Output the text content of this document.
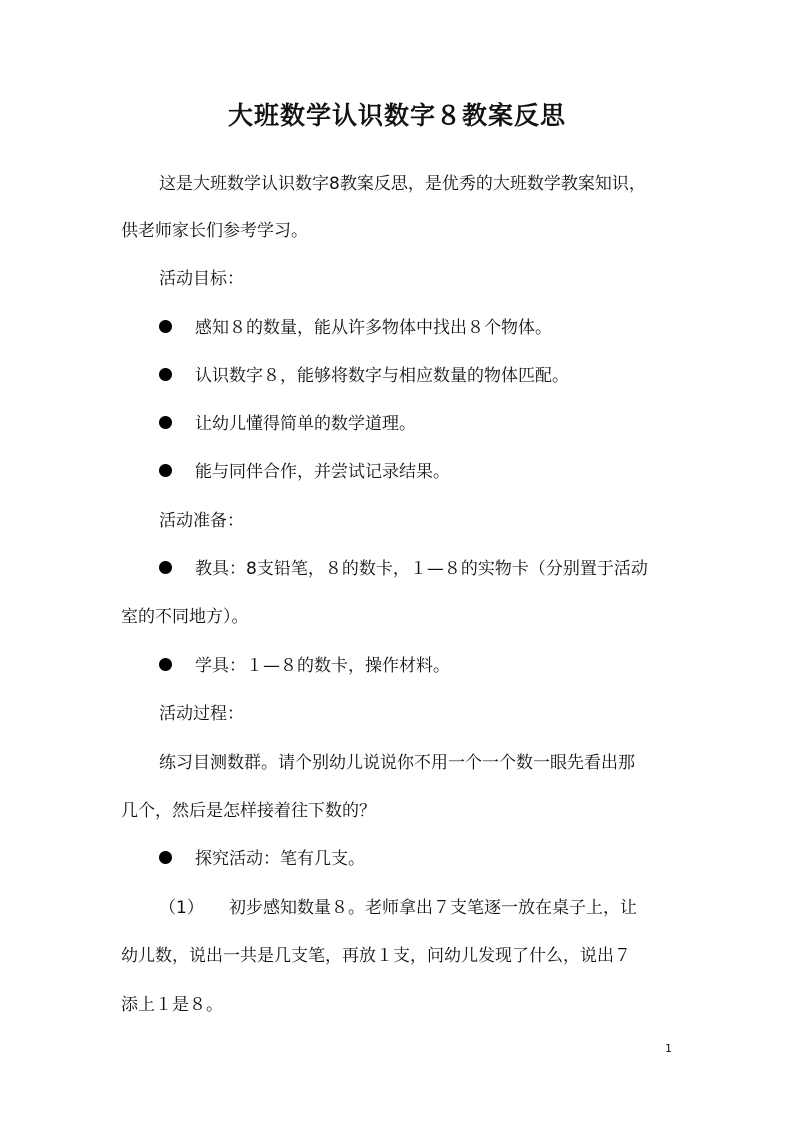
大班数学认识数字８教案反思
这是大班数学认识数字8教案反思，是优秀的大班数学教案知识，
供老师家长们参考学习。
活动目标：
感知８的数量，能从许多物体中找出８个物体。
认识数字８，能够将数字与相应数量的物体匹配。
让幼儿懂得简单的数学道理。
能与同伴合作，并尝试记录结果。
活动准备：
教具：8支铅笔，８的数卡，１—８的实物卡（分别置于活动
室的不同地方）。
学具：１—８的数卡，操作材料。
活动过程：
练习目测数群。请个别幼儿说说你不用一个一个数一眼先看出那
几个，然后是怎样接着往下数的？
探究活动：笔有几支。
（1） 初步感知数量８。老师拿出７支笔逐一放在桌子上，让
幼儿数，说出一共是几支笔，再放１支，问幼儿发现了什么，说出７
添上１是８。
1
